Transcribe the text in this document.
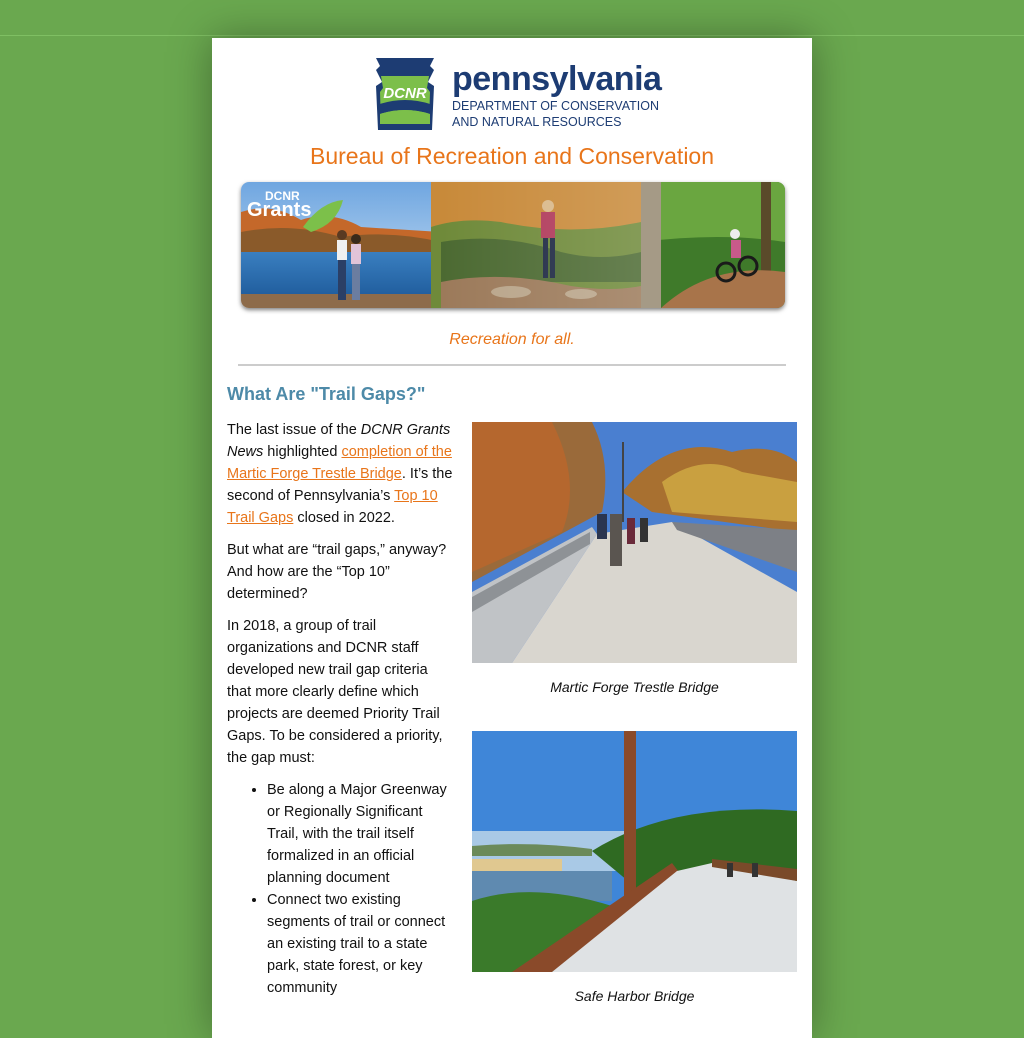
DCNR pennsylvania
DEPARTMENT OF CONSERVATION
AND NATURAL RESOURCES
Bureau of Recreation and Conservation
DCNR
Grants
Recreation for all.
What Are "Trail Gaps?"

The last issue of the DCNR Grants News highlighted completion of the Martic Forge Trestle Bridge. It’s the second of Pennsylvania’s Top 10 Trail Gaps closed in 2022.

But what are “trail gaps,” anyway? And how are the “Top 10” determined?

In 2018, a group of trail organizations and DCNR staff developed new trail gap criteria that more clearly define which projects are deemed Priority Trail Gaps. To be considered a priority, the gap must:

• Be along a Major Greenway or Regionally Significant Trail, with the trail itself formalized in an official planning document
• Connect two existing segments of trail or connect an existing trail to a state park, state forest, or key community
Martic Forge Trestle Bridge
Safe Harbor Bridge
